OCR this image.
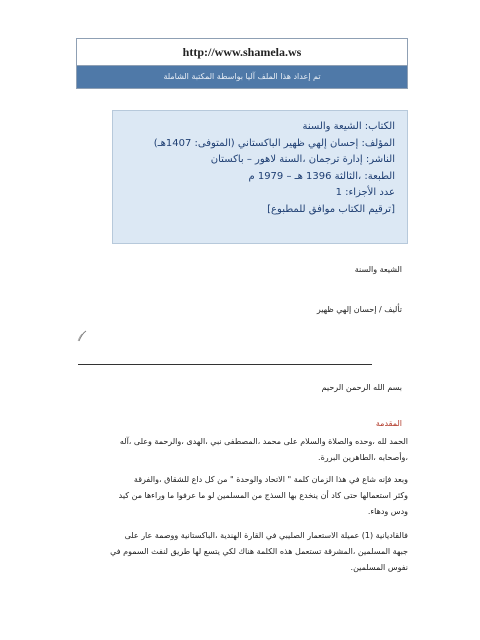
http://www.shamela.ws
تم إعداد هذا الملف آليا بواسطة المكتبة الشاملة
الكتاب: الشيعة والسنة
المؤلف: إحسان إلهي ظهير الباكستاني (المتوفى: 1407هـ)
الناشر: إدارة ترجمان ،السنة لاهور – باكستان
الطبعة: ،الثالثة 1396 هـ – 1979 م
عدد الأجزاء: 1
[ترقيم الكتاب موافق للمطبوع]
الشيعة والسنة
تأليف / إحسان إلهي ظهير
بسم الله الرحمن الرحيم
المقدمة
الحمد لله ،وحده والصلاة والسلام على محمد ،المصطفى نبي ،الهدى ،والرحمة وعلى ،آله
،وأصحابه ،الطاهرين البررة.
وبعد فإنه شاع في هذا الزمان كلمة " الاتحاد والوحدة " من كل داع للشقاق ،والفرقة
وكثر استعمالها حتى كاد أن ينخدع بها السذج من المسلمين لو ما عرفوا ما وراءها من كيد
ودس ودهاء.
فالقاديانية (1) عميلة الاستعمار الصليبي في القارة الهندية ،الباكستانية ووصمة عار على
جبهة المسلمين ،المشرقة تستعمل هذه الكلمة هناك لكي يتسع لها طريق لنفث السموم في
نفوس المسلمين.
